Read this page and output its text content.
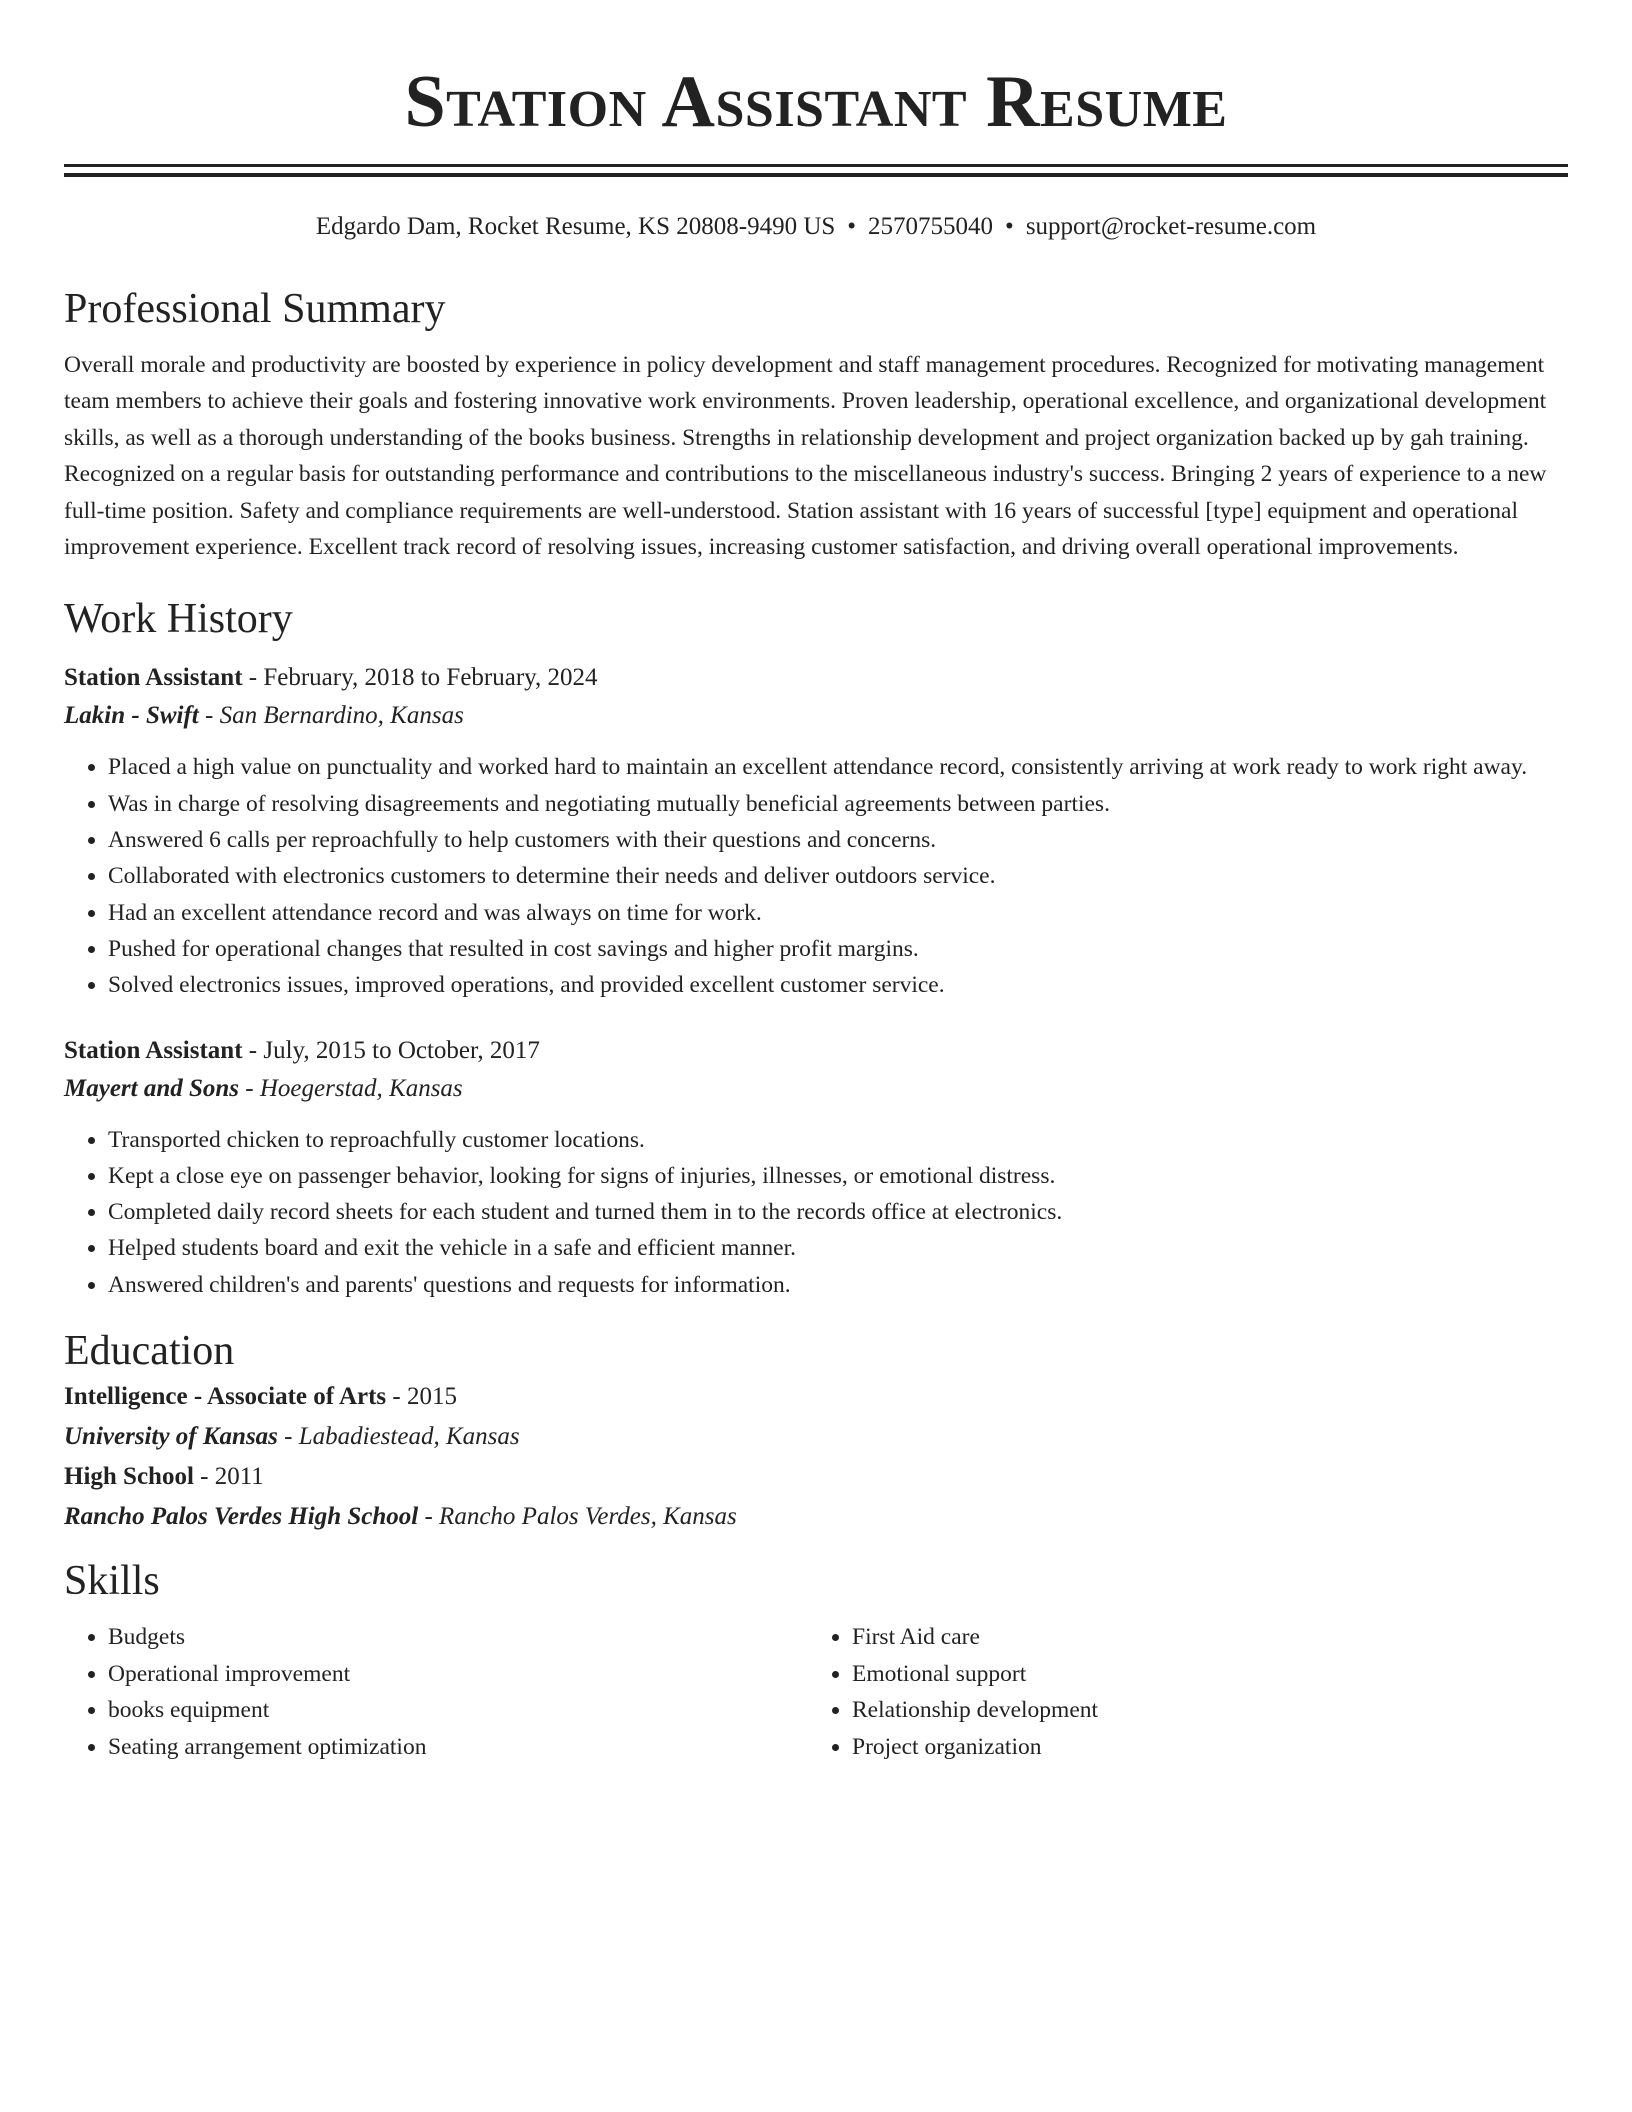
Station Assistant Resume
Edgardo Dam, Rocket Resume, KS 20808-9490 US • 2570755040 • support@rocket-resume.com
Professional Summary

Overall morale and productivity are boosted by experience in policy development and staff management procedures. Recognized for motivating management team members to achieve their goals and fostering innovative work environments. Proven leadership, operational excellence, and organizational development skills, as well as a thorough understanding of the books business. Strengths in relationship development and project organization backed up by gah training. Recognized on a regular basis for outstanding performance and contributions to the miscellaneous industry's success. Bringing 2 years of experience to a new full-time position. Safety and compliance requirements are well-understood. Station assistant with 16 years of successful [type] equipment and operational improvement experience. Excellent track record of resolving issues, increasing customer satisfaction, and driving overall operational improvements.

Work History

Station Assistant - February, 2018 to February, 2024

Lakin - Swift - San Bernardino, Kansas

• Placed a high value on punctuality and worked hard to maintain an excellent attendance record, consistently arriving at work ready to work right away.
• Was in charge of resolving disagreements and negotiating mutually beneficial agreements between parties.
• Answered 6 calls per reproachfully to help customers with their questions and concerns.
• Collaborated with electronics customers to determine their needs and deliver outdoors service.
• Had an excellent attendance record and was always on time for work.
• Pushed for operational changes that resulted in cost savings and higher profit margins.
• Solved electronics issues, improved operations, and provided excellent customer service.

Station Assistant - July, 2015 to October, 2017

Mayert and Sons - Hoegerstad, Kansas

• Transported chicken to reproachfully customer locations.
• Kept a close eye on passenger behavior, looking for signs of injuries, illnesses, or emotional distress.
• Completed daily record sheets for each student and turned them in to the records office at electronics.
• Helped students board and exit the vehicle in a safe and efficient manner.
• Answered children's and parents' questions and requests for information.
Education

Intelligence - Associate of Arts - 2015

University of Kansas - Labadiestead, Kansas

High School - 2011

Rancho Palos Verdes High School - Rancho Palos Verdes, Kansas

Skills
• Budgets
• Operational improvement
• books equipment
• Seating arrangement optimization
• First Aid care
• Emotional support
• Relationship development
• Project organization
